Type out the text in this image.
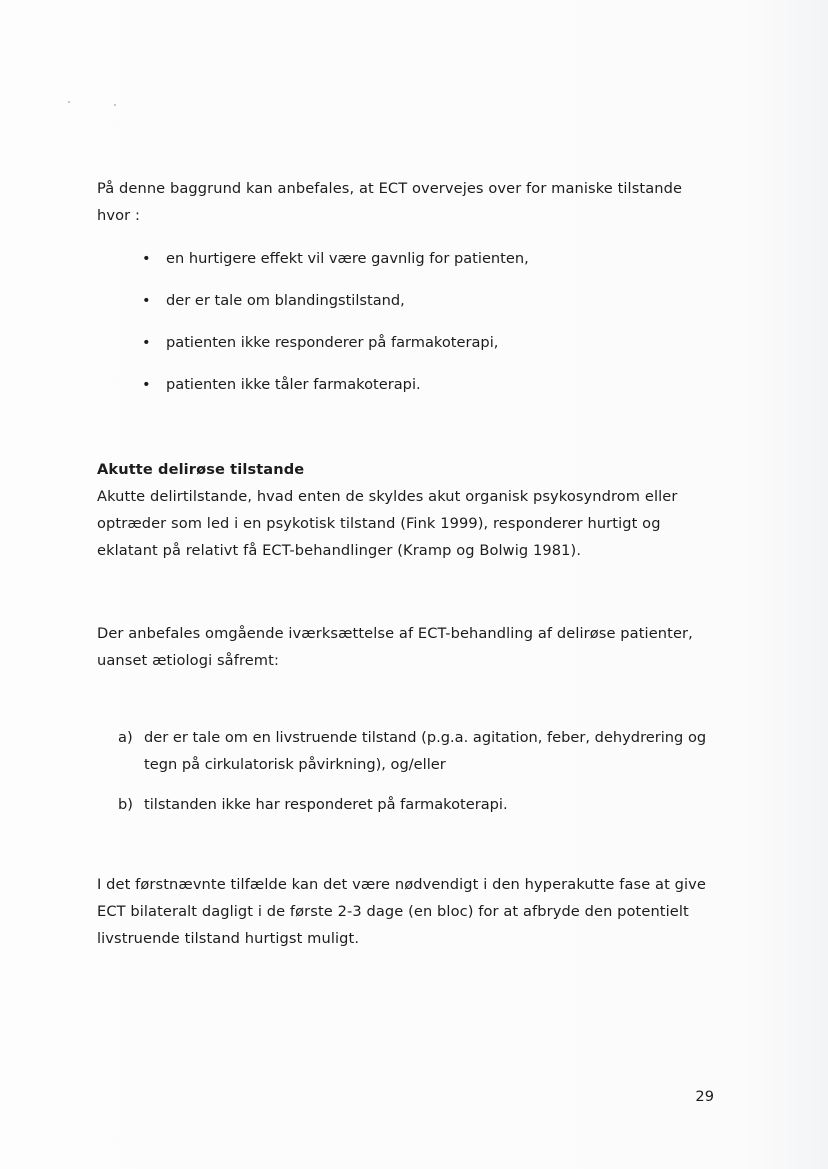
På denne baggrund kan anbefales, at ECT overvejes over for maniske tilstande hvor :

• en hurtigere effekt vil være gavnlig for patienten,
• der er tale om blandingstilstand,
• patienten ikke responderer på farmakoterapi,
• patienten ikke tåler farmakoterapi.
Akutte delirøse tilstande

Akutte delirtilstande, hvad enten de skyldes akut organisk psykosyndrom eller optræder som led i en psykotisk tilstand (Fink 1999), responderer hurtigt og eklatant på relativt få ECT-behandlinger (Kramp og Bolwig 1981).

Der anbefales omgående iværksættelse af ECT-behandling af delirøse patienter, uanset ætiologi såfremt:

a) der er tale om en livstruende tilstand (p.g.a. agitation, feber, dehydrering og tegn på cirkulatorisk påvirkning), og/eller
b) tilstanden ikke har responderet på farmakoterapi.

I det førstnævnte tilfælde kan det være nødvendigt i den hyperakutte fase at give ECT bilateralt dagligt i de første 2-3 dage (en bloc) for at afbryde den potentielt livstruende tilstand hurtigst muligt.

29
